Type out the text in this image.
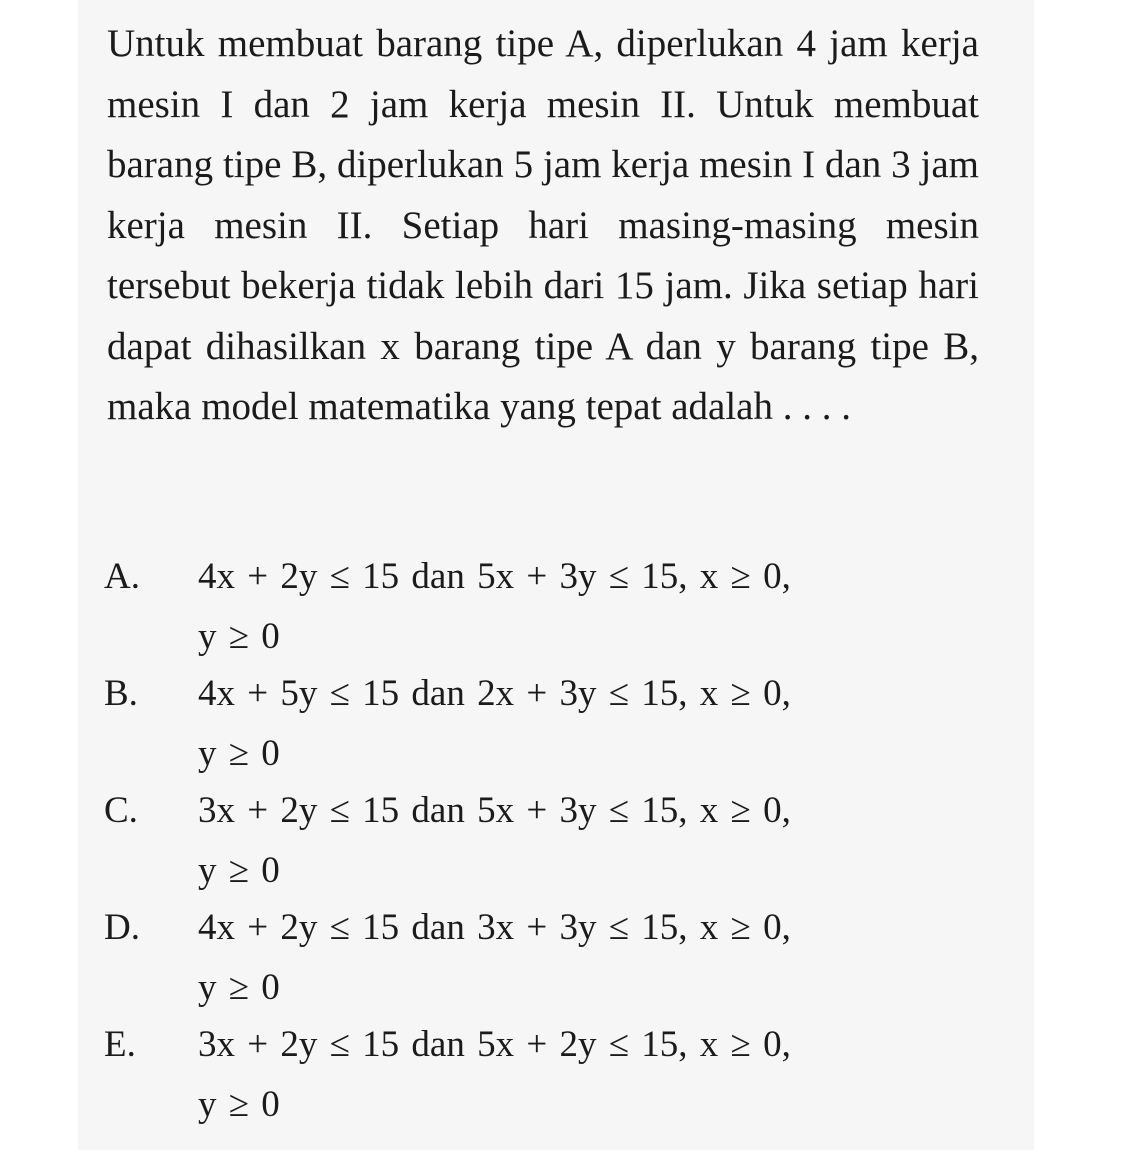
Untuk membuat barang tipe A, diperlukan 4 jam kerja mesin I dan 2 jam kerja mesin II. Untuk membuat barang tipe B, diperlukan 5 jam kerja mesin I dan 3 jam kerja mesin II. Setiap hari masing-masing mesin tersebut bekerja tidak lebih dari 15 jam. Jika setiap hari dapat dihasilkan x barang tipe A dan y barang tipe B, maka model matematika yang tepat adalah . . . .

A. 4x + 2y ≤ 15 dan 5x + 3y ≤ 15, x ≥ 0,
y ≥ 0

B. 4x + 5y ≤ 15 dan 2x + 3y ≤ 15, x ≥ 0,
y ≥ 0

C. 3x + 2y ≤ 15 dan 5x + 3y ≤ 15, x ≥ 0,
y ≥ 0

D. 4x + 2y ≤ 15 dan 3x + 3y ≤ 15, x ≥ 0,
y ≥ 0

E. 3x + 2y ≤ 15 dan 5x + 2y ≤ 15, x ≥ 0,
y ≥ 0
